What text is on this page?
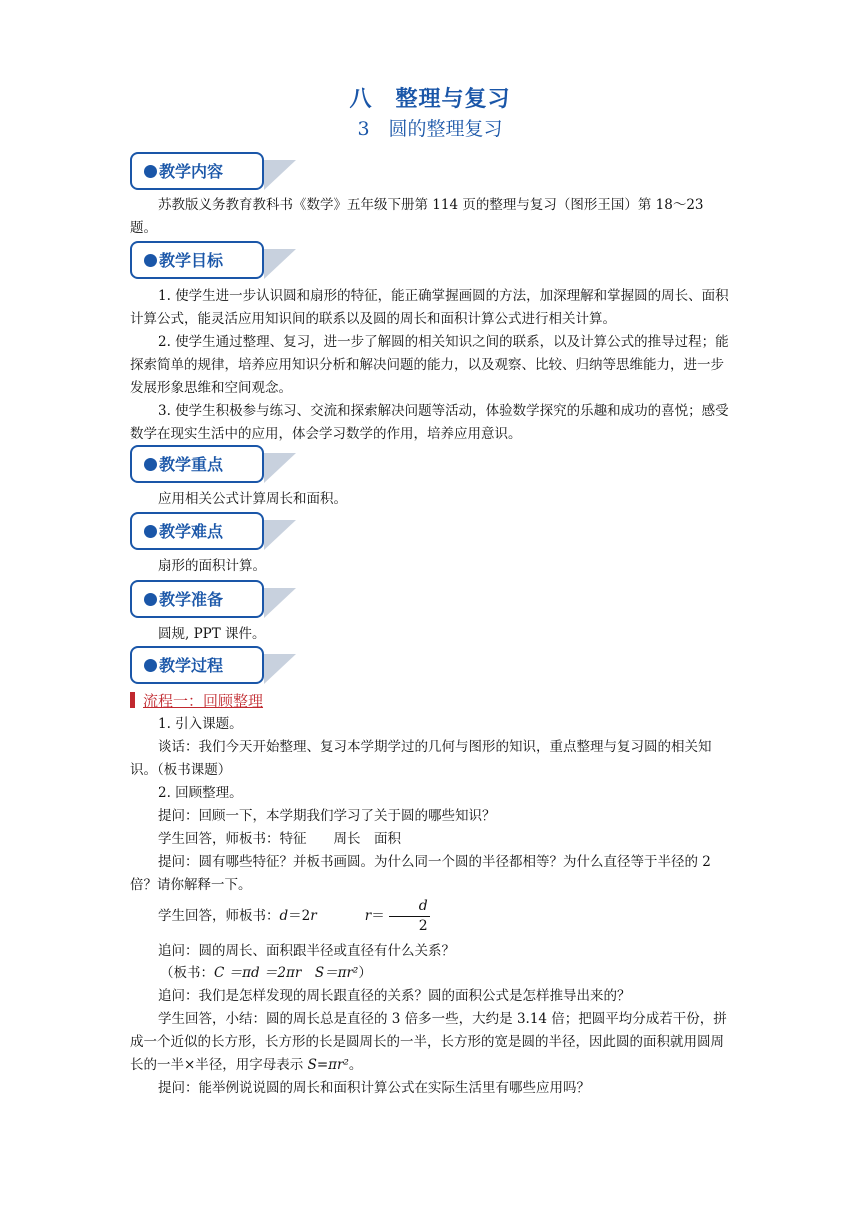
八　整理与复习
3　圆的整理复习
教学内容
苏教版义务教育教科书《数学》五年级下册第 114 页的整理与复习（图形王国）第 18～23 题。
教学目标
1. 使学生进一步认识圆和扇形的特征，能正确掌握画圆的方法，加深理解和掌握圆的周长、面积计算公式，能灵活应用知识间的联系以及圆的周长和面积计算公式进行相关计算。
2. 使学生通过整理、复习，进一步了解圆的相关知识之间的联系，以及计算公式的推导过程；能探索简单的规律，培养应用知识分析和解决问题的能力，以及观察、比较、归纳等思维能力，进一步发展形象思维和空间观念。
3. 使学生积极参与练习、交流和探索解决问题等活动，体验数学探究的乐趣和成功的喜悦；感受数学在现实生活中的应用，体会学习数学的作用，培养应用意识。
教学重点
应用相关公式计算周长和面积。
教学难点
扇形的面积计算。
教学准备
圆规, PPT 课件。
教学过程
流程一：回顾整理
1. 引入课题。
谈话：我们今天开始整理、复习本学期学过的几何与图形的知识，重点整理与复习圆的相关知识。（板书课题）
2. 回顾整理。
提问：回顾一下，本学期我们学习了关于圆的哪些知识？
学生回答，师板书：特征　　周长　面积
提问：圆有哪些特征？并板书画圆。为什么同一个圆的半径都相等？为什么直径等于半径的 2 倍？请你解释一下。
学生回答，师板书：d＝2r	$r= \frac{d}{2}$
追问：圆的周长、面积跟半径或直径有什么关系？
（板书：C ＝πd ＝2πr　S＝πr²）
追问：我们是怎样发现的周长跟直径的关系？圆的面积公式是怎样推导出来的？
学生回答，小结：圆的周长总是直径的 3 倍多一些，大约是 3.14 倍；把圆平均分成若干份，拼成一个近似的长方形，长方形的长是圆周长的一半，长方形的宽是圆的半径，因此圆的面积就用圆周长的一半×半径，用字母表示 S=πr²。
提问：能举例说说圆的周长和面积计算公式在实际生活里有哪些应用吗？
